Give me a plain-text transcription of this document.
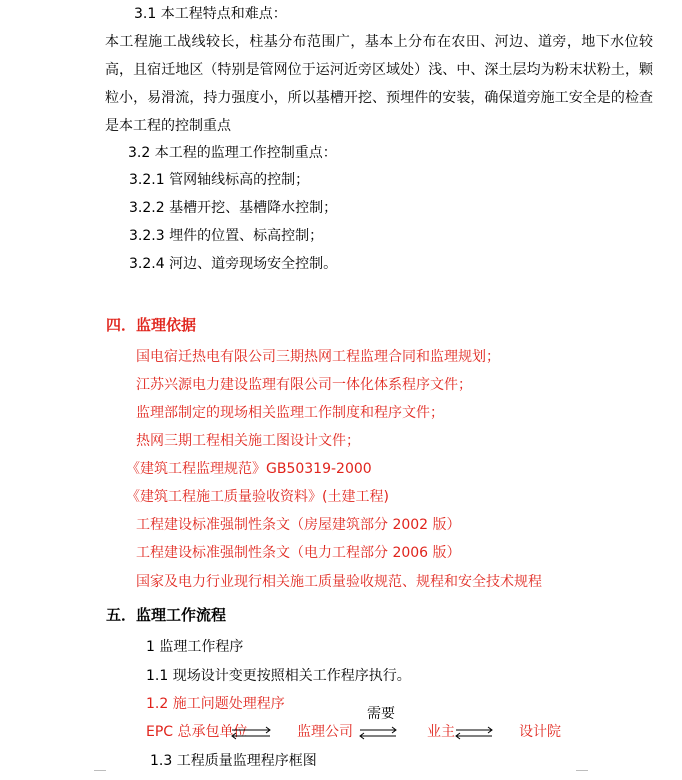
3.1 本工程特点和难点：
本工程施工战线较长，柱基分布范围广，基本上分布在农田、河边、道旁，地下水位较高，且宿迁地区（特别是管网位于运河近旁区域处）浅、中、深土层均为粉末状粉土，颗粒小，易滑流，持力强度小，所以基槽开挖、预埋件的安装，确保道旁施工安全是的检查是本工程的控制重点
3.2 本工程的监理工作控制重点：
3.2.1 管网轴线标高的控制；
3.2.2 基槽开挖、基槽降水控制；
3.2.3 埋件的位置、标高控制；
3.2.4 河边、道旁现场安全控制。
四．监理依据
国电宿迁热电有限公司三期热网工程监理合同和监理规划；
江苏兴源电力建设监理有限公司一体化体系程序文件；
监理部制定的现场相关监理工作制度和程序文件；
热网三期工程相关施工图设计文件；
《建筑工程监理规范》GB50319-2000
《建筑工程施工质量验收资料》(土建工程)
工程建设标准强制性条文（房屋建筑部分 2002 版）
工程建设标准强制性条文（电力工程部分 2006 版）
国家及电力行业现行相关施工质量验收规范、规程和安全技术规程
五．监理工作流程
1 监理工作程序
1.1 现场设计变更按照相关工作程序执行。
1.2 施工问题处理程序
需要
EPC 总承包单位	监理公司	业主	设计院
1.3 工程质量监理程序框图
